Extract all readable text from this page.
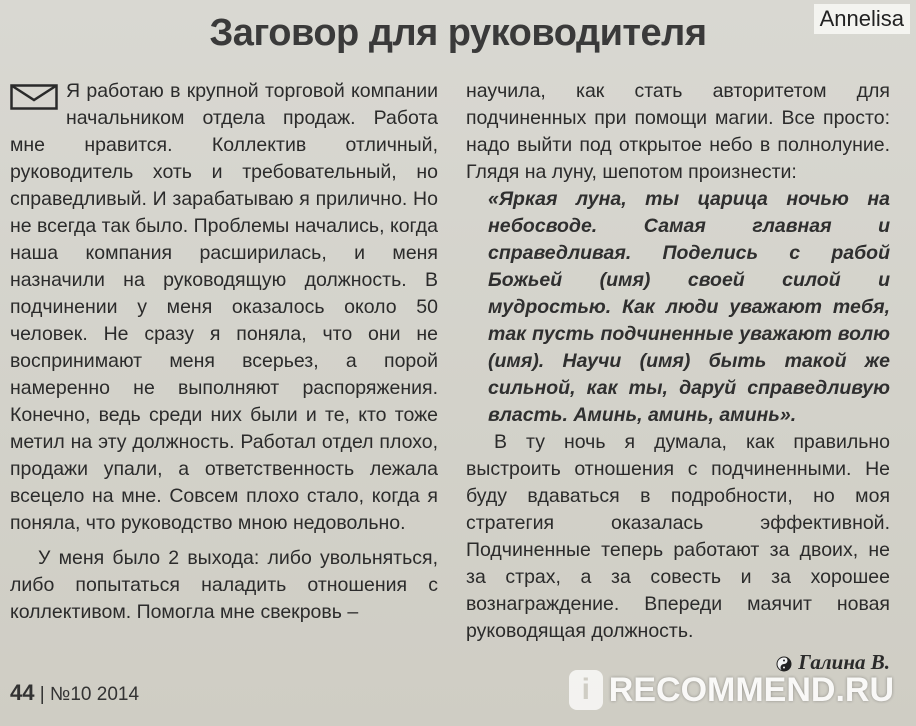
Annelisa
Заговор для руководителя

Я работаю в крупной торговой компании начальником отдела продаж. Работа мне нравится. Коллектив отличный, руководитель хоть и требовательный, но справедливый. И зарабатываю я прилично. Но не всегда так было. Проблемы начались, когда наша компания расширилась, и меня назначили на руководящую должность. В подчинении у меня оказалось около 50 человек. Не сразу я поняла, что они не воспринимают меня всерьез, а порой намеренно не выполняют распоряжения. Конечно, ведь среди них были и те, кто тоже метил на эту должность. Работал отдел плохо, продажи упали, а ответственность лежала всецело на мне. Совсем плохо стало, когда я поняла, что руководство мною недовольно.

У меня было 2 выхода: либо увольняться, либо попытаться наладить отношения с коллективом. Помогла мне свекровь –

научила, как стать авторитетом для подчиненных при помощи магии. Все просто: надо выйти под открытое небо в полнолуние. Глядя на луну, шепотом произнести:

«Яркая луна, ты царица ночью на небосводе. Самая главная и справедливая. Поделись с рабой Божьей (имя) своей силой и мудростью. Как люди уважают тебя, так пусть подчиненные уважают волю (имя). Научи (имя) быть такой же сильной, как ты, даруй справедливую власть. Аминь, аминь, аминь».

В ту ночь я думала, как правильно выстроить отношения с подчиненными. Не буду вдаваться в подробности, но моя стратегия оказалась эффективной. Подчиненные теперь работают за двоих, не за страх, а за совесть и за хорошее вознаграждение. Впереди маячит новая руководящая должность.

Галина В.
44 | №10 2014	i RECOMMEND.RU
